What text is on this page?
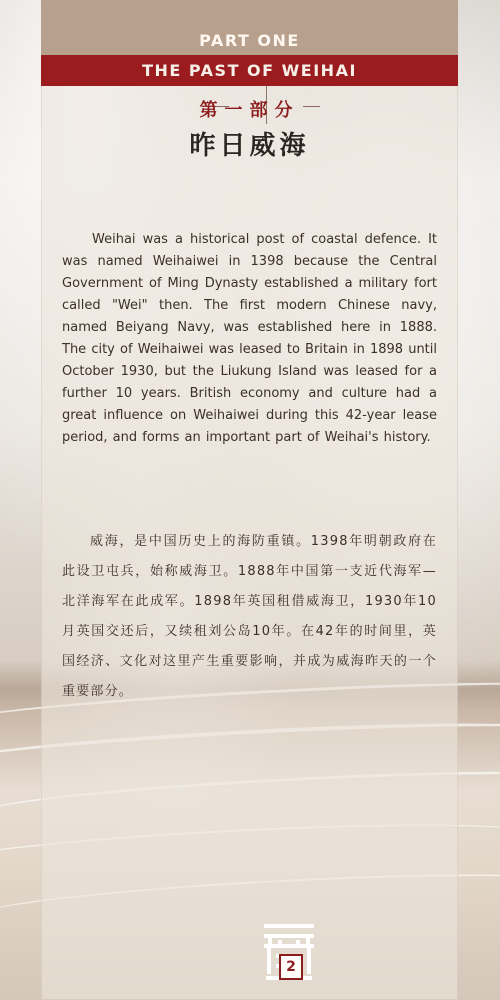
PART ONE
THE PAST OF WEIHAI
第一部分
昨日威海
Weihai was a historical post of coastal defence. It was named Weihaiwei in 1398 because the Central Government of Ming Dynasty established a military fort called "Wei" then. The first modern Chinese navy, named Beiyang Navy, was established here in 1888. The city of Weihaiwei was leased to Britain in 1898 until October 1930, but the Liukung Island was leased for a further 10 years. British economy and culture had a great influence on Weihaiwei during this 42-year lease period, and forms an important part of Weihai's history.
威海，是中国历史上的海防重镇。1398年明朝政府在此设卫屯兵，始称威海卫。1888年中国第一支近代海军—北洋海军在此成军。1898年英国租借威海卫，1930年10月英国交还后，又续租刘公岛10年。在42年的时间里，英国经济、文化对这里产生重要影响，并成为威海昨天的一个重要部分。
2
